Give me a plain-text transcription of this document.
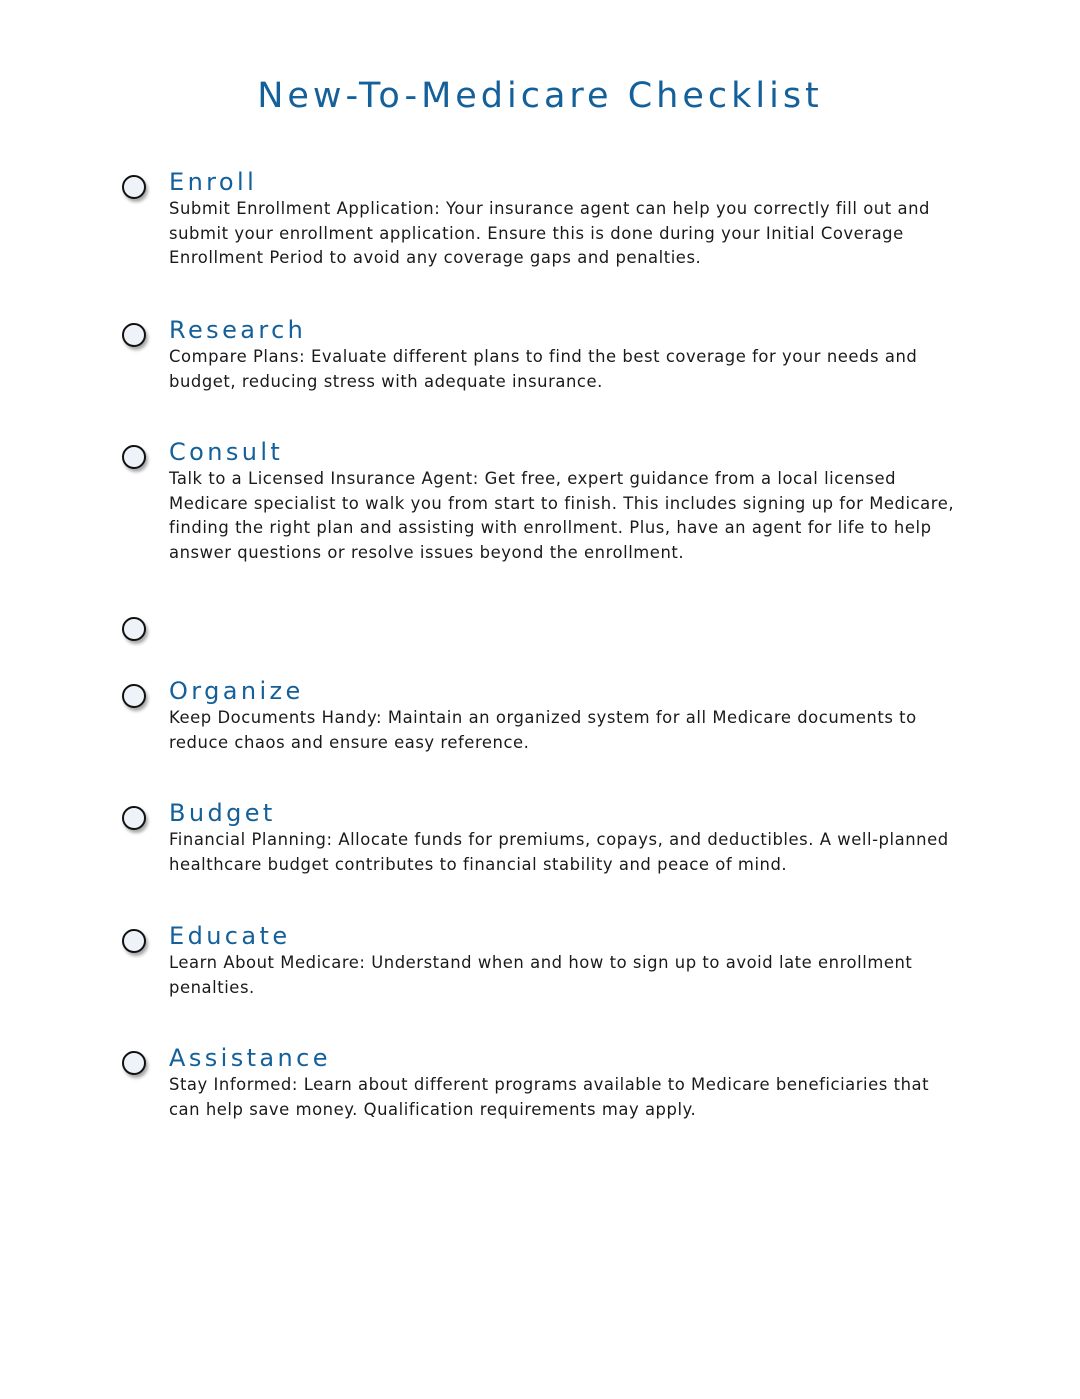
New-To-Medicare Checklist
Enroll

Submit Enrollment Application: Your insurance agent can help you correctly fill out and submit your enrollment application. Ensure this is done during your Initial Coverage Enrollment Period to avoid any coverage gaps and penalties.

Research

Compare Plans: Evaluate different plans to find the best coverage for your needs and budget, reducing stress with adequate insurance.

Consult

Talk to a Licensed Insurance Agent: Get free, expert guidance from a local licensed Medicare specialist to walk you from start to finish. This includes signing up for Medicare, finding the right plan and assisting with enrollment. Plus, have an agent for life to help answer questions or resolve issues beyond the enrollment.

Organize

Keep Documents Handy: Maintain an organized system for all Medicare documents to reduce chaos and ensure easy reference.

Budget

Financial Planning: Allocate funds for premiums, copays, and deductibles. A well-planned healthcare budget contributes to financial stability and peace of mind.

Educate

Learn About Medicare: Understand when and how to sign up to avoid late enrollment penalties.

Assistance

Stay Informed: Learn about different programs available to Medicare beneficiaries that can help save money. Qualification requirements may apply.
